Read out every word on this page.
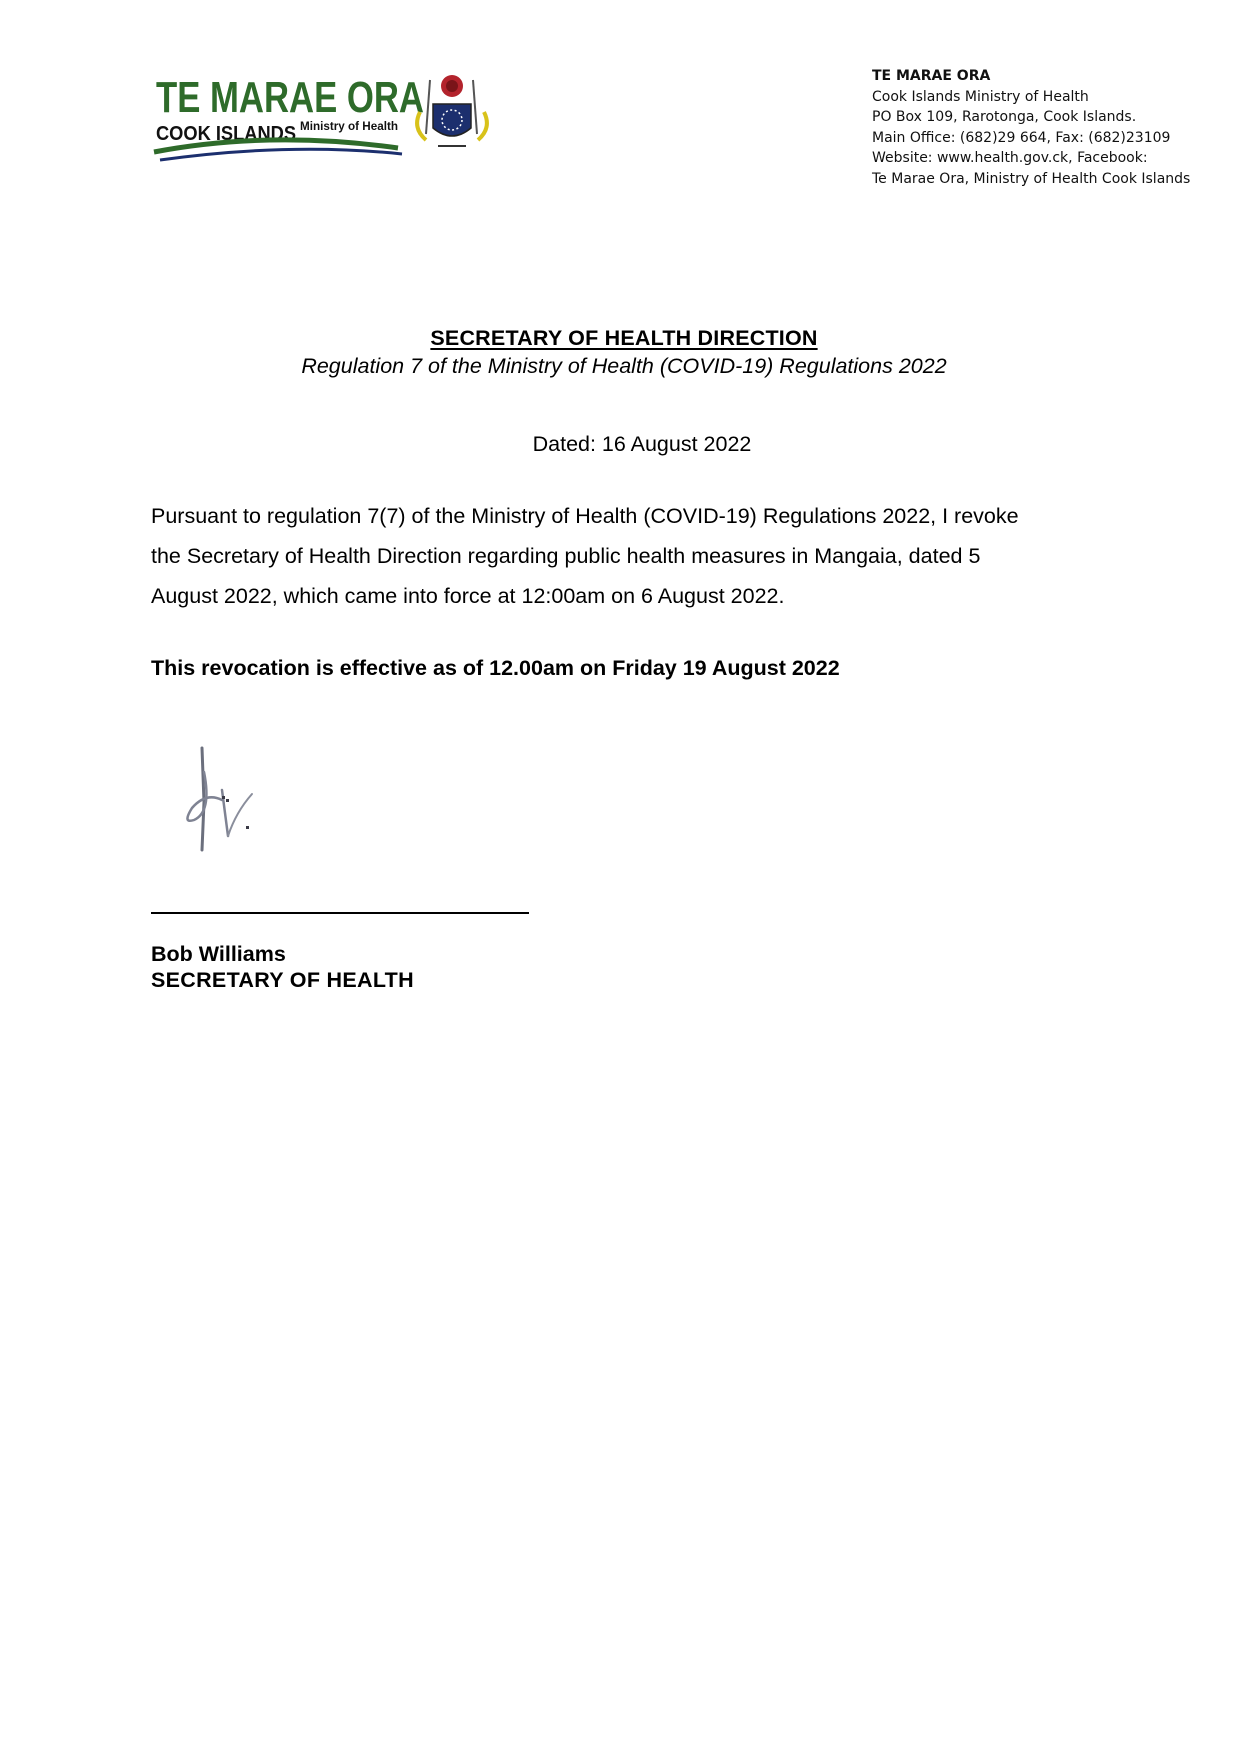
TE MARAE ORA
COOK ISLANDS Ministry of Health
TE MARAE ORA
Cook Islands Ministry of Health
PO Box 109, Rarotonga, Cook Islands.
Main Office: (682)29 664, Fax: (682)23109
Website: www.health.gov.ck, Facebook:
Te Marae Ora, Ministry of Health Cook Islands
SECRETARY OF HEALTH DIRECTION
Regulation 7 of the Ministry of Health (COVID-19) Regulations 2022
Dated: 16 August 2022
Pursuant to regulation 7(7) of the Ministry of Health (COVID-19) Regulations 2022, I revoke
the Secretary of Health Direction regarding public health measures in Mangaia, dated 5
August 2022, which came into force at 12:00am on 6 August 2022.
This revocation is effective as of 12.00am on Friday 19 August 2022
Bob Williams
SECRETARY OF HEALTH
